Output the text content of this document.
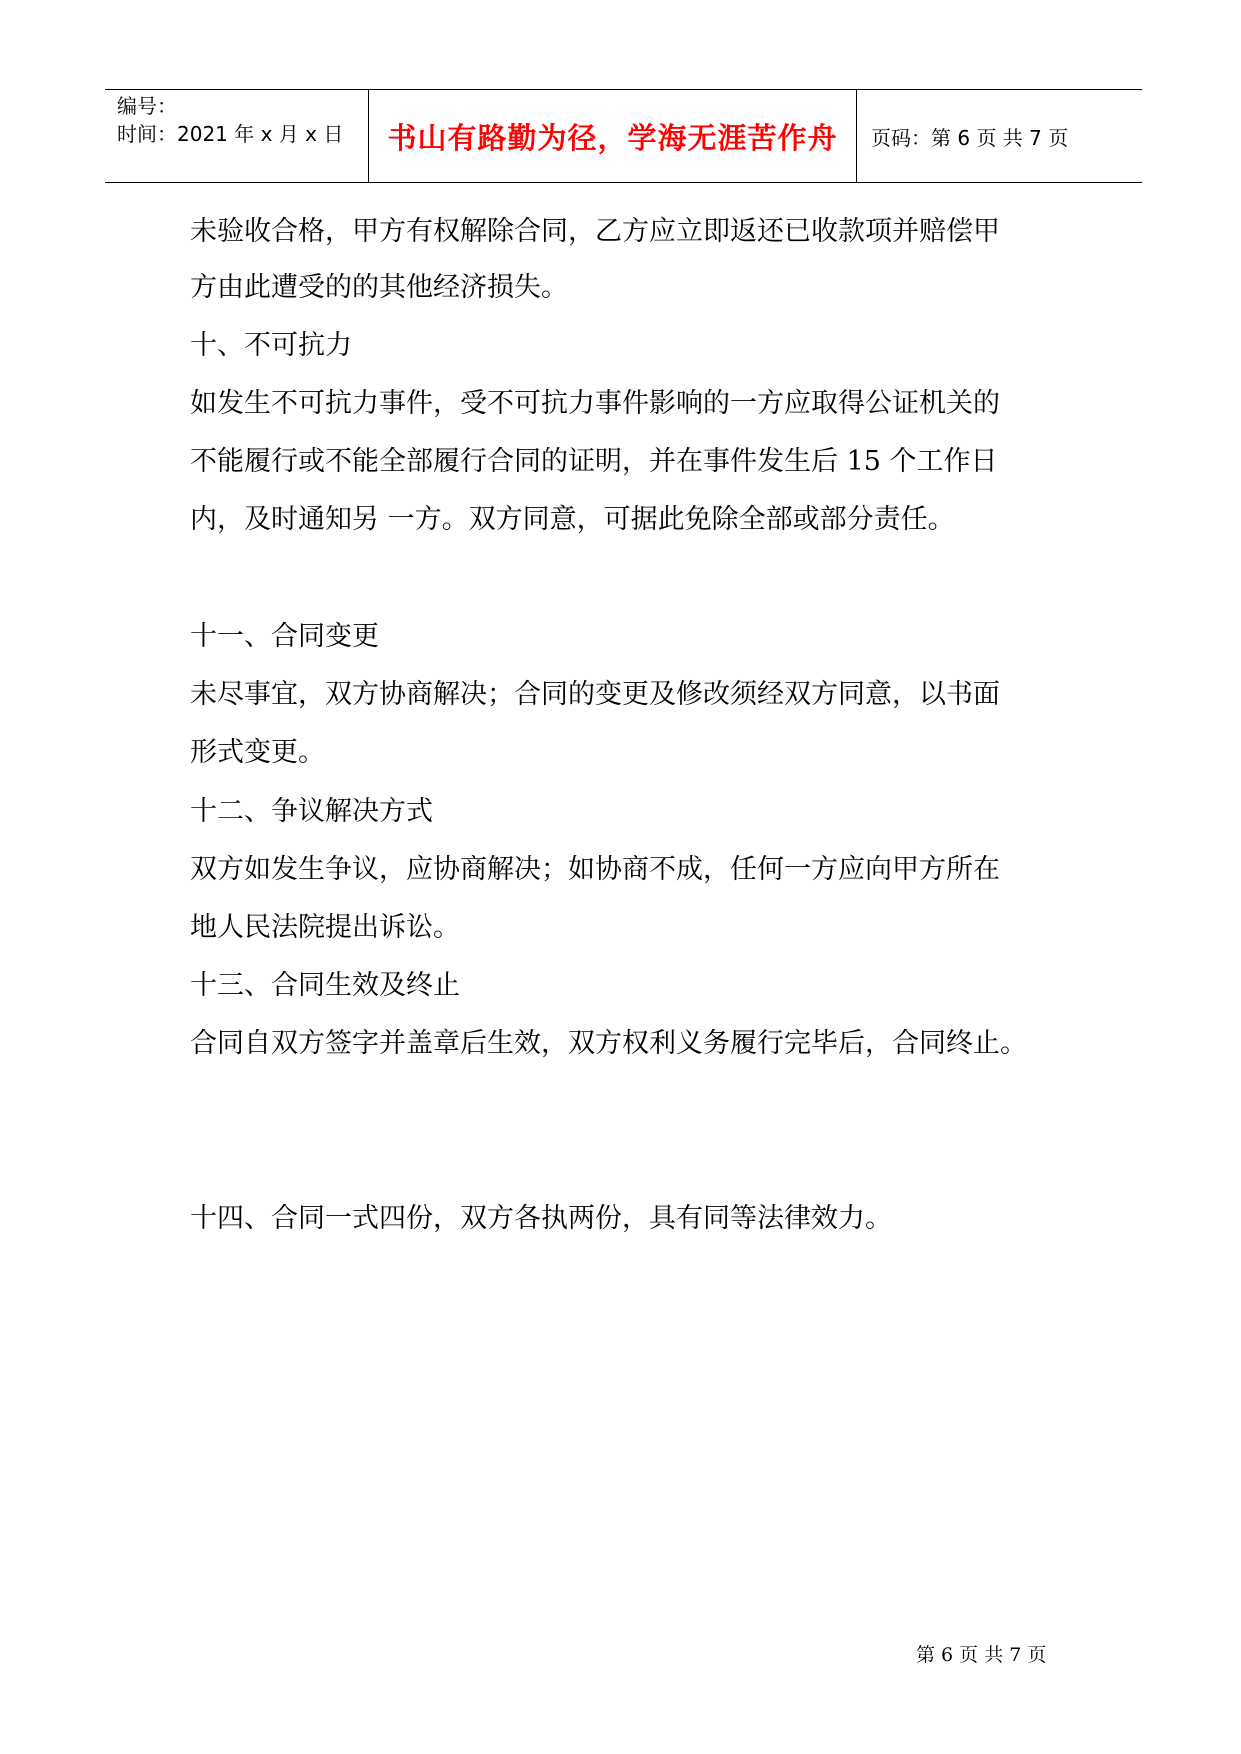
编号：
时间：2021 年 x 月 x 日	书山有路勤为径，学海无涯苦作舟 页码：第 6 页 共 7 页
未验收合格，甲方有权解除合同，乙方应立即返还已收款项并赔偿甲
方由此遭受的的其他经济损失。
十、不可抗力
如发生不可抗力事件，受不可抗力事件影响的一方应取得公证机关的
不能履行或不能全部履行合同的证明，并在事件发生后 15 个工作日
内，及时通知另 一方。双方同意，可据此免除全部或部分责任。
十一、合同变更
未尽事宜，双方协商解决；合同的变更及修改须经双方同意，以书面
形式变更。
十二、争议解决方式
双方如发生争议，应协商解决；如协商不成，任何一方应向甲方所在
地人民法院提出诉讼。
十三、合同生效及终止
合同自双方签字并盖章后生效，双方权利义务履行完毕后，合同终止。
十四、合同一式四份，双方各执两份，具有同等法律效力。
第 6 页 共 7 页
